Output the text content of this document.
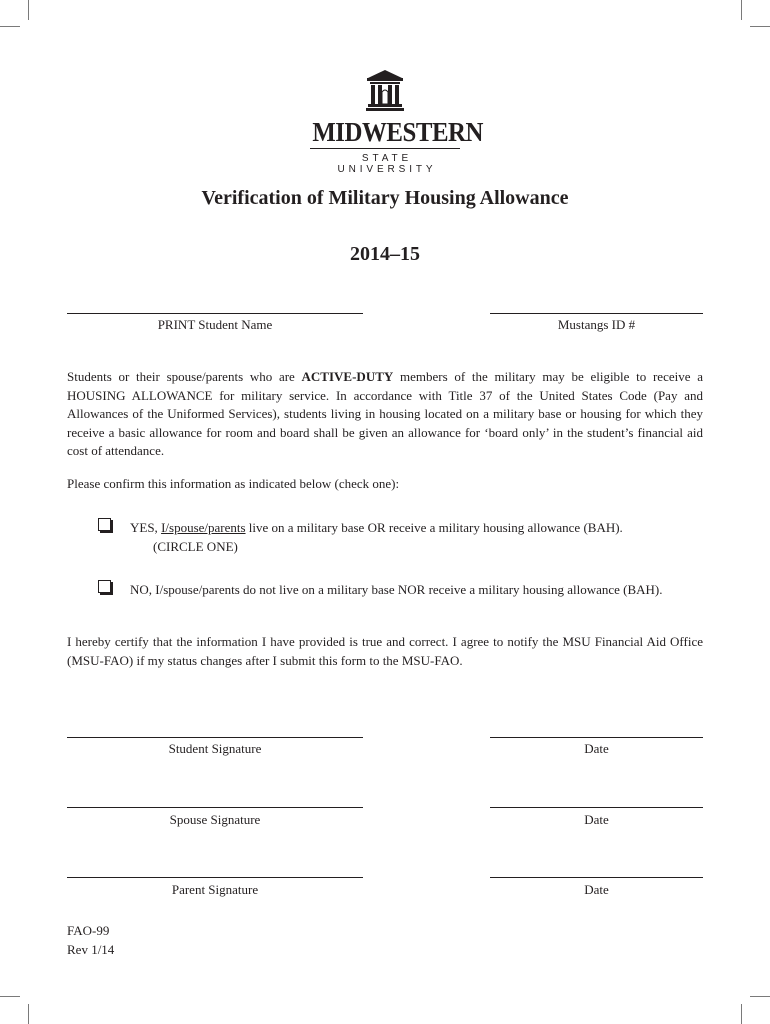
MIDWESTERN
STATE UNIVERSITY
Verification of Military Housing Allowance
2014–15
PRINT Student Name	Mustangs ID #
Students or their spouse/parents who are ACTIVE-DUTY members of the military may be eligible to receive a HOUSING ALLOWANCE for military service. In accordance with Title 37 of the United States Code (Pay and Allowances of the Uniformed Services), students living in housing located on a military base or housing for which they receive a basic allowance for room and board shall be given an allowance for ‘board only’ in the student’s financial aid cost of attendance.
Please confirm this information as indicated below (check one):
YES, I/spouse/parents live on a military base OR receive a military housing allowance (BAH).
(CIRCLE ONE)
NO, I/spouse/parents do not live on a military base NOR receive a military housing allowance (BAH).
I hereby certify that the information I have provided is true and correct. I agree to notify the MSU Financial Aid Office (MSU-FAO) if my status changes after I submit this form to the MSU-FAO.
Student Signature	Date
Spouse Signature	Date
Parent Signature	Date
FAO-99
Rev 1/14
